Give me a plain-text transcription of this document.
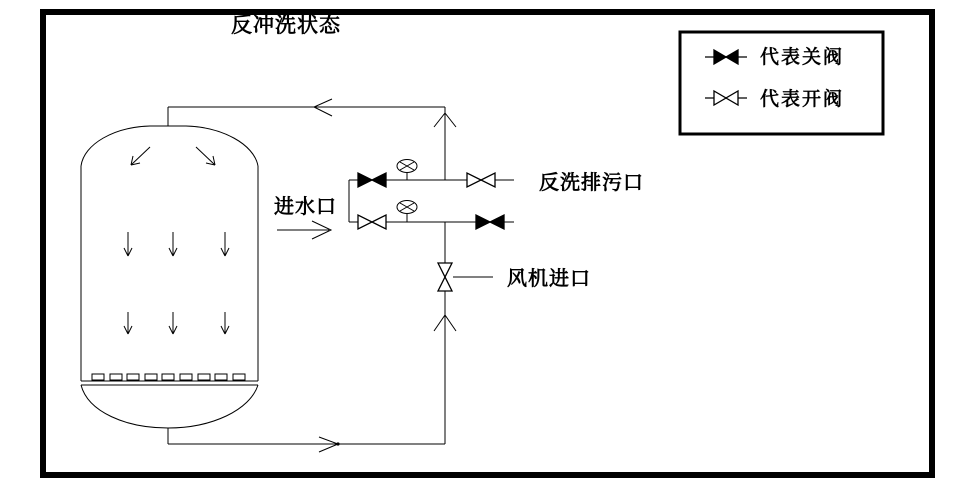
反冲洗状态
反洗排污口
进水口
风机进口
代表关阀
代表开阀
